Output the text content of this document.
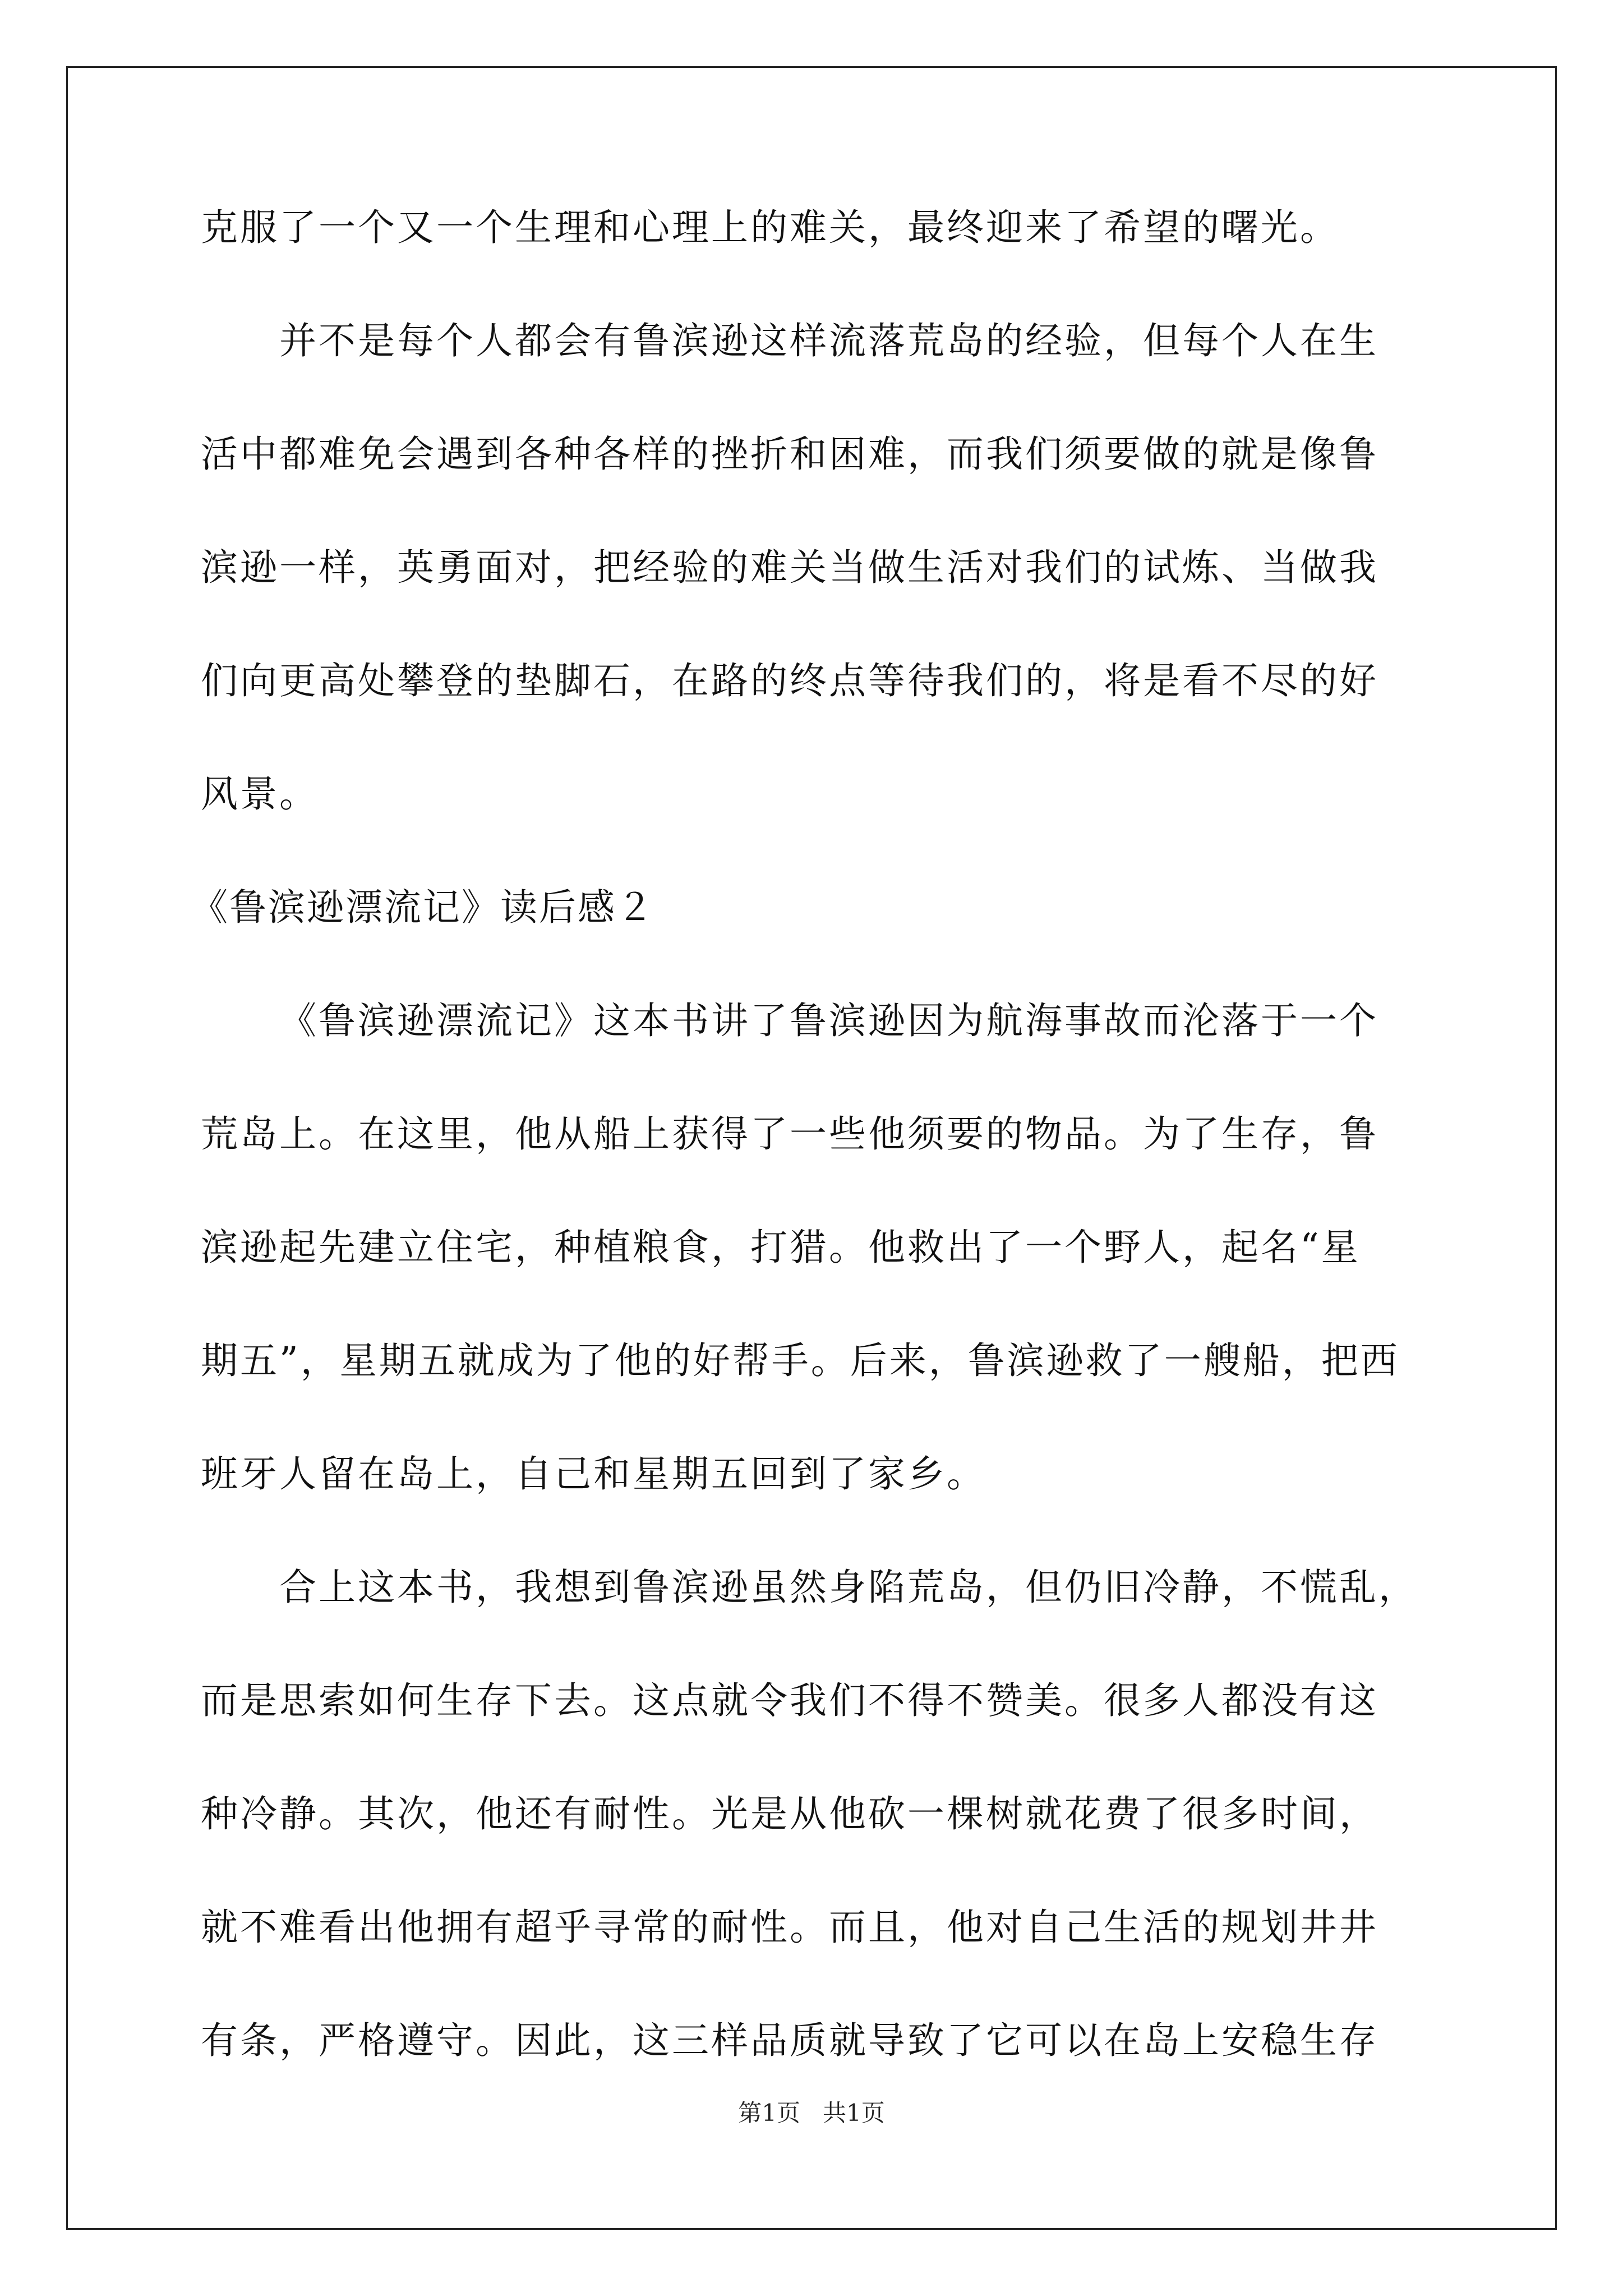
克服了一个又一个生理和心理上的难关，最终迎来了希望的曙光。
并不是每个人都会有鲁滨逊这样流落荒岛的经验，但每个人在生
活中都难免会遇到各种各样的挫折和困难，而我们须要做的就是像鲁
滨逊一样，英勇面对，把经验的难关当做生活对我们的试炼、当做我
们向更高处攀登的垫脚石，在路的终点等待我们的，将是看不尽的好
风景。
《鲁滨逊漂流记》读后感２
《鲁滨逊漂流记》这本书讲了鲁滨逊因为航海事故而沦落于一个
荒岛上。在这里，他从船上获得了一些他须要的物品。为了生存，鲁
滨逊起先建立住宅，种植粮食，打猎。他救出了一个野人，起名“星
期五”，星期五就成为了他的好帮手。后来，鲁滨逊救了一艘船，把西
班牙人留在岛上，自己和星期五回到了家乡。
合上这本书，我想到鲁滨逊虽然身陷荒岛，但仍旧冷静，不慌乱，
而是思索如何生存下去。这点就令我们不得不赞美。很多人都没有这
种冷静。其次，他还有耐性。光是从他砍一棵树就花费了很多时间，
就不难看出他拥有超乎寻常的耐性。而且，他对自己生活的规划井井
有条，严格遵守。因此，这三样品质就导致了它可以在岛上安稳生存
第1页 共1页
